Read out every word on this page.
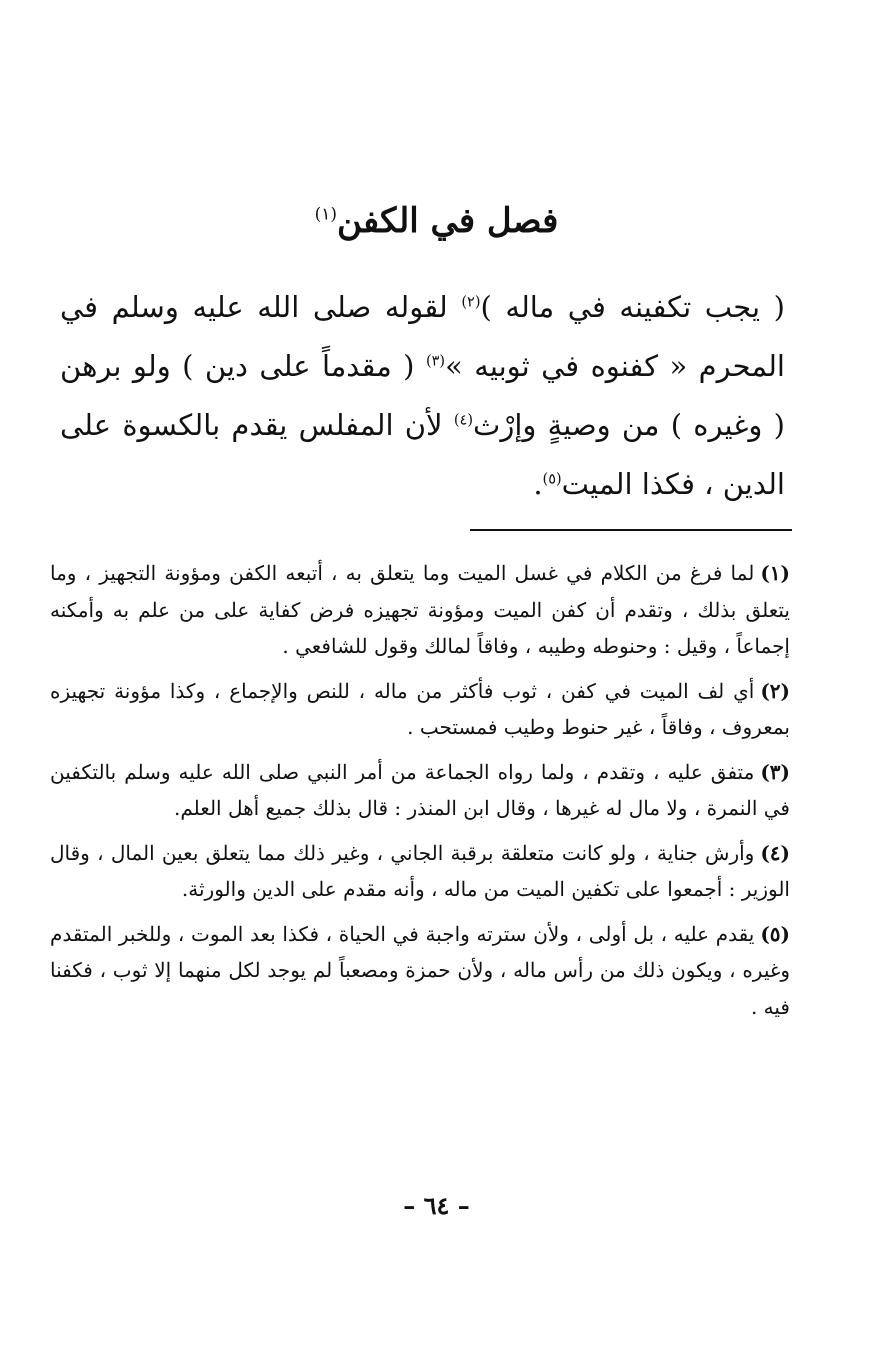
فصل في الكفن$^{(١)}$
( يجب تكفينه في ماله )$^{(٢)}$ لقوله صلى الله عليه وسلم في
المحرم « كفنوه في ثوبيه »$^{(٣)}$ ( مقدماً على دين ) ولو برهن
( وغيره ) من وصيةٍ وإرْث$^{(٤)}$ لأن المفلس يقدم بالكسوة على
الدين ، فكذا الميت$^{(٥)}$.

(١)لما فرغ من الكلام في غسل الميت وما يتعلق به ، أتبعه الكفن ومؤونة التجهيز ، وما يتعلق بذلك ، وتقدم أن كفن الميت ومؤونة تجهيزه فرض كفاية على من علم به وأمكنه إجماعاً ، وقيل : وحنوطه وطيبه ، وفاقاً لمالك وقول للشافعي .

(٢)أي لف الميت في كفن ، ثوب فأكثر من ماله ، للنص والإجماع ، وكذا مؤونة تجهيزه بمعروف ، وفاقاً ، غير حنوط وطيب فمستحب .

(٣)متفق عليه ، وتقدم ، ولما رواه الجماعة من أمر النبي صلى الله عليه وسلم بالتكفين في النمرة ، ولا مال له غيرها ، وقال ابن المنذر : قال بذلك جميع أهل العلم.

(٤)وأرش جناية ، ولو كانت متعلقة برقبة الجاني ، وغير ذلك مما يتعلق بعين المال ، وقال الوزير : أجمعوا على تكفين الميت من ماله ، وأنه مقدم على الدين والورثة.

(٥)يقدم عليه ، بل أولى ، ولأن سترته واجبة في الحياة ، فكذا بعد الموت ، وللخبر المتقدم وغيره ، ويكون ذلك من رأس ماله ، ولأن حمزة ومصعباً لم يوجد لكل منهما إلا ثوب ، فكفنا فيه .

– ٦٤ –
